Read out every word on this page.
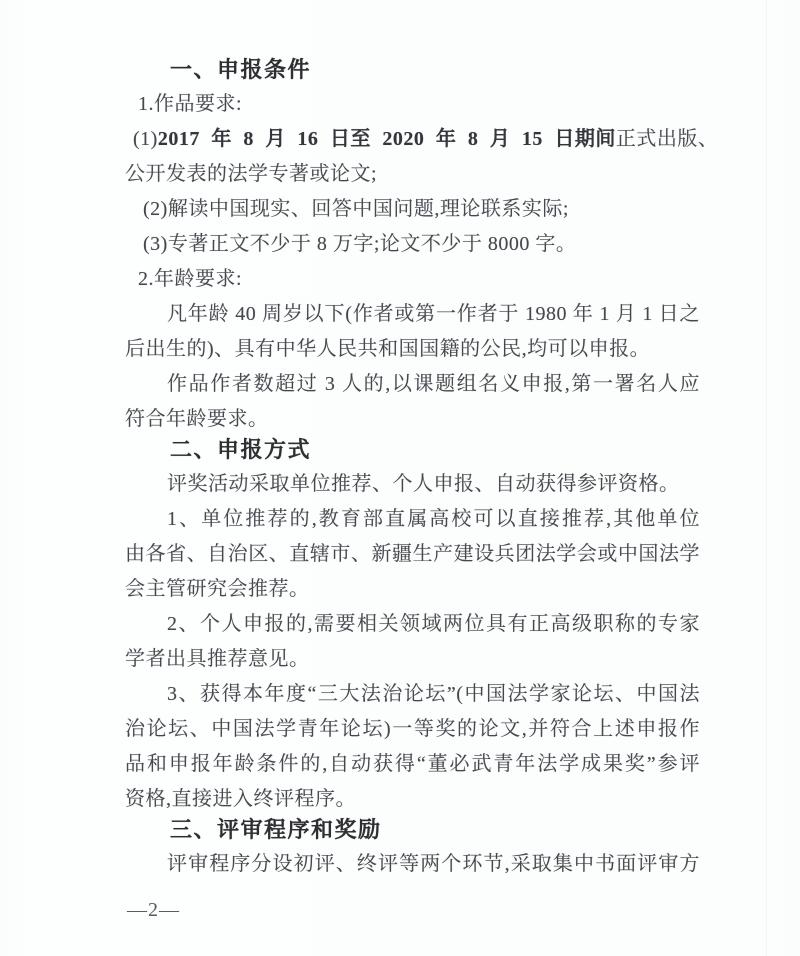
一、申报条件
1.作品要求:
(1)2017 年 8 月 16 日至 2020 年 8 月 15 日期间正式出版、
公开发表的法学专著或论文;
(2)解读中国现实、回答中国问题,理论联系实际;
(3)专著正文不少于 8 万字;论文不少于 8000 字。
2.年龄要求:
凡年龄 40 周岁以下(作者或第一作者于 1980 年 1 月 1 日之
后出生的)、具有中华人民共和国国籍的公民,均可以申报。
作品作者数超过 3 人的,以课题组名义申报,第一署名人应
符合年龄要求。
二、申报方式
评奖活动采取单位推荐、个人申报、自动获得参评资格。
1、单位推荐的,教育部直属高校可以直接推荐,其他单位
由各省、自治区、直辖市、新疆生产建设兵团法学会或中国法学
会主管研究会推荐。
2、个人申报的,需要相关领域两位具有正高级职称的专家
学者出具推荐意见。
3、获得本年度“三大法治论坛”(中国法学家论坛、中国法
治论坛、中国法学青年论坛)一等奖的论文,并符合上述申报作
品和申报年龄条件的,自动获得“董必武青年法学成果奖”参评
资格,直接进入终评程序。
三、评审程序和奖励
评审程序分设初评、终评等两个环节,采取集中书面评审方
—2—
